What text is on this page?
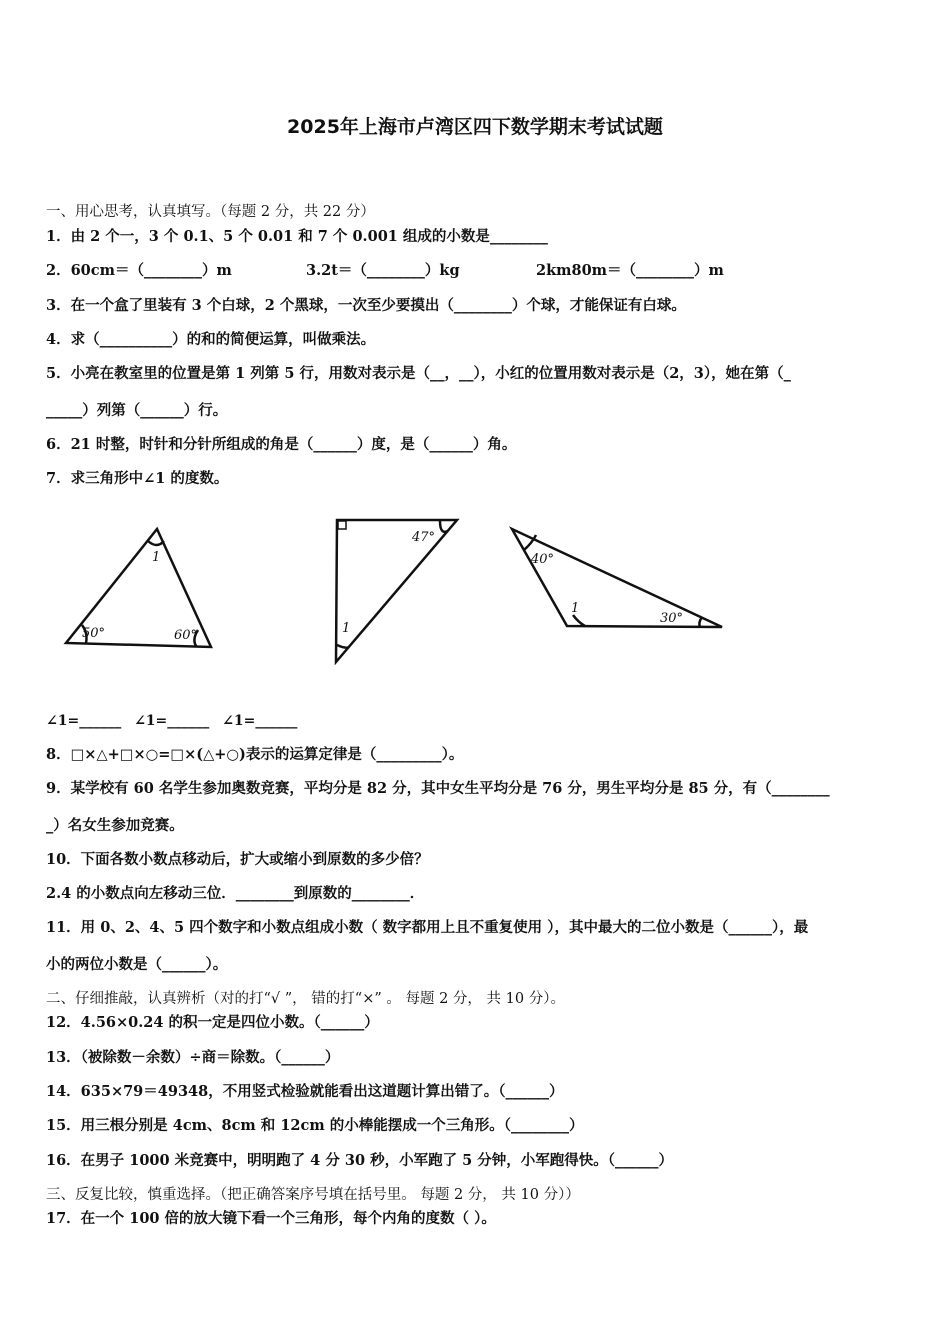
2025年上海市卢湾区四下数学期末考试试题
一、用心思考，认真填写。（每题 2 分，共 22 分）
1．由 2 个一，3 个 0.1、5 个 0.01 和 7 个 0.001 组成的小数是________
2．60cm＝（________）m	3.2t＝（________）kg	2km80m＝（________）m
3．在一个盒了里装有 3 个白球，2 个黑球，一次至少要摸出（________）个球，才能保证有白球。
4．求（__________）的和的简便运算，叫做乘法。
5．小亮在教室里的位置是第 1 列第 5 行，用数对表示是（__，__），小红的位置用数对表示是（2，3），她在第（_
_____）列第（______）行。
6．21 时整，时针和分针所组成的角是（______）度，是（______）角。
7．求三角形中∠1 的度数。
1
50°	60°
47°
1
40°
1
30°
∠1=______ ∠1=______ ∠1=______
8．□×△+□×○=□×(△+○)表示的运算定律是（_________）。
9．某学校有 60 名学生参加奥数竞赛，平均分是 82 分，其中女生平均分是 76 分，男生平均分是 85 分，有（________
_）名女生参加竞赛。
10．下面各数小数点移动后，扩大或缩小到原数的多少倍？
2.4 的小数点向左移动三位．________到原数的________．
11．用 0、2、4、5 四个数字和小数点组成小数（ 数字都用上且不重复使用 ），其中最大的二位小数是（______），最
小的两位小数是（______）。
二、仔细推敲，认真辨析（对的打“√ ”， 错的打“×” 。 每题 2 分， 共 10 分）。
12．4.56×0.24 的积一定是四位小数。（______）
13．（被除数－余数）÷商＝除数。（______）
14．635×79＝49348，不用竖式检验就能看出这道题计算出错了。（______）
15．用三根分别是 4cm、8cm 和 12cm 的小棒能摆成一个三角形。（________）
16．在男子 1000 米竞赛中，明明跑了 4 分 30 秒，小军跑了 5 分钟，小军跑得快。（______）
三、反复比较，慎重选择。（把正确答案序号填在括号里。 每题 2 分， 共 10 分））
17．在一个 100 倍的放大镜下看一个三角形，每个内角的度数（ ）。
